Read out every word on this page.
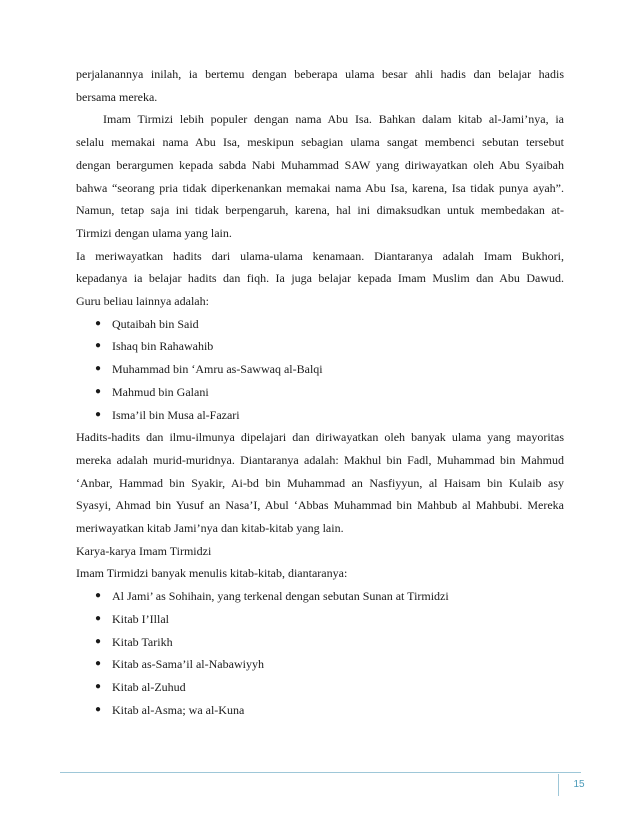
perjalanannya inilah, ia bertemu dengan beberapa ulama besar ahli hadis dan belajar hadis

bersama mereka.

Imam Tirmizi lebih populer dengan nama Abu Isa. Bahkan dalam kitab al-Jami’nya, ia

selalu memakai nama Abu Isa, meskipun sebagian ulama sangat membenci sebutan tersebut

dengan berargumen kepada sabda Nabi Muhammad SAW yang diriwayatkan oleh Abu Syaibah

bahwa “seorang pria tidak diperkenankan memakai nama Abu Isa, karena, Isa tidak punya ayah”.

Namun, tetap saja ini tidak berpengaruh, karena, hal ini dimaksudkan untuk membedakan at-

Tirmizi dengan ulama yang lain.

Ia meriwayatkan hadits dari ulama-ulama kenamaan. Diantaranya adalah Imam Bukhori,

kepadanya ia belajar hadits dan fiqh. Ia juga belajar kepada Imam Muslim dan Abu Dawud.

Guru beliau lainnya adalah:

● Qutaibah bin Said
● Ishaq bin Rahawahib
● Muhammad bin ‘Amru as-Sawwaq al-Balqi
● Mahmud bin Galani
● Isma’il bin Musa al-Fazari

Hadits-hadits dan ilmu-ilmunya dipelajari dan diriwayatkan oleh banyak ulama yang mayoritas

mereka adalah murid-muridnya. Diantaranya adalah: Makhul bin Fadl, Muhammad bin Mahmud

‘Anbar, Hammad bin Syakir, Ai-bd bin Muhammad an Nasfiyyun, al Haisam bin Kulaib asy

Syasyi, Ahmad bin Yusuf an Nasa’I, Abul ‘Abbas Muhammad bin Mahbub al Mahbubi. Mereka

meriwayatkan kitab Jami’nya dan kitab-kitab yang lain.

Karya-karya Imam Tirmidzi

Imam Tirmidzi banyak menulis kitab-kitab, diantaranya:

● Al Jami’ as Sohihain, yang terkenal dengan sebutan Sunan at Tirmidzi
● Kitab I’Illal
● Kitab Tarikh
● Kitab as-Sama’il al-Nabawiyyh
● Kitab al-Zuhud
● Kitab al-Asma; wa al-Kuna
15
